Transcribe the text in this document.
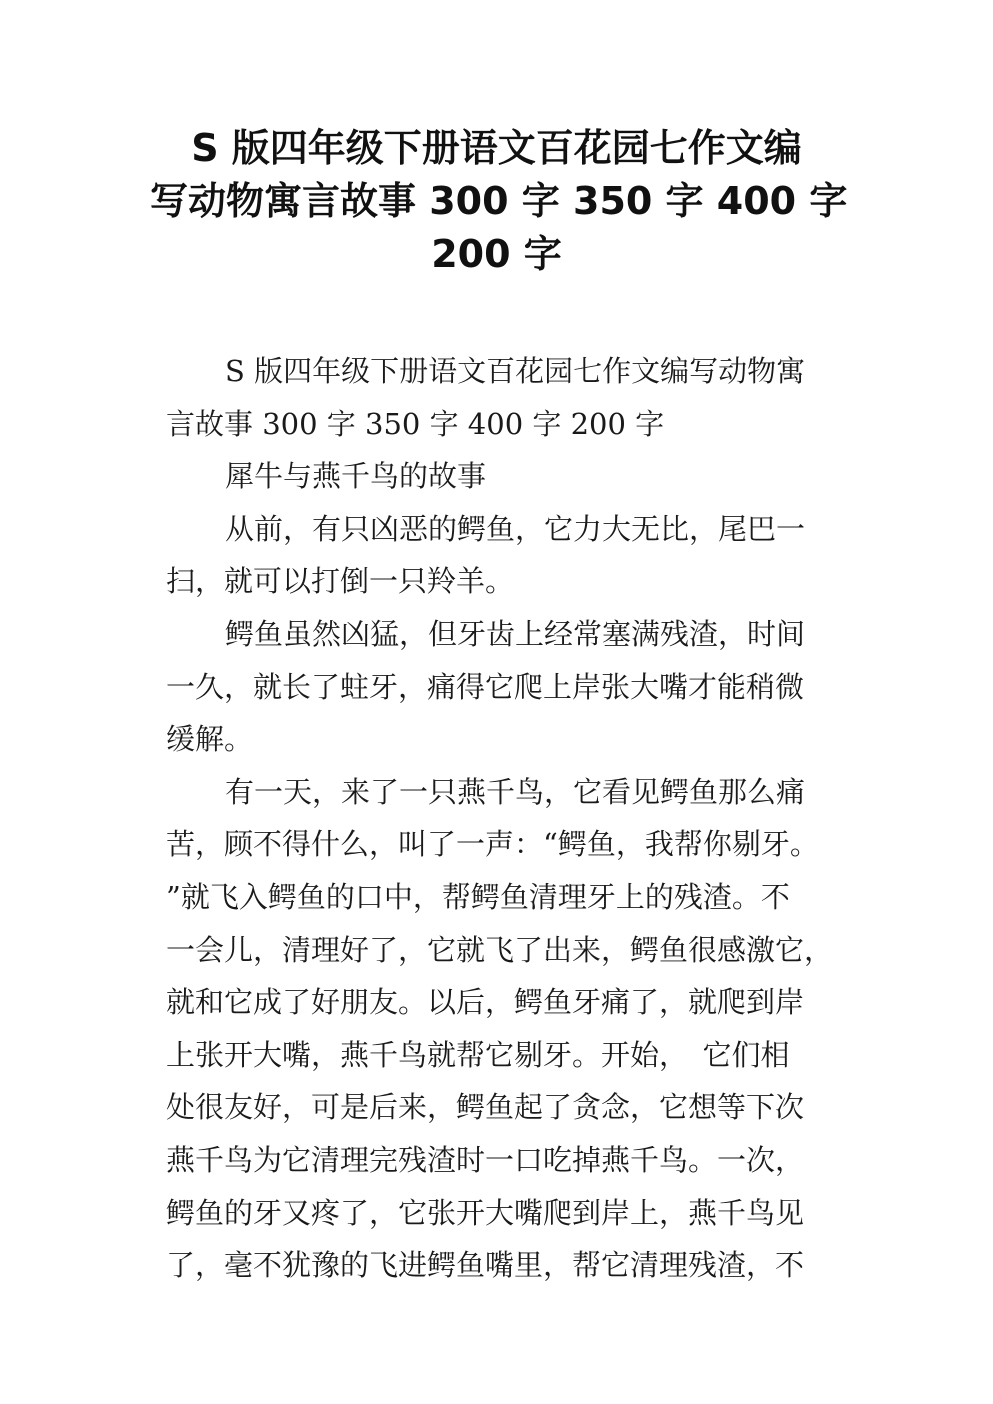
S 版四年级下册语文百花园七作文编
写动物寓言故事 300 字 350 字 400 字
200 字
S 版四年级下册语文百花园七作文编写动物寓
言故事 300 字 350 字 400 字 200 字
犀牛与燕千鸟的故事
从前，有只凶恶的鳄鱼，它力大无比，尾巴一
扫，就可以打倒一只羚羊。
鳄鱼虽然凶猛，但牙齿上经常塞满残渣，时间
一久，就长了蛀牙，痛得它爬上岸张大嘴才能稍微
缓解。
有一天，来了一只燕千鸟，它看见鳄鱼那么痛
苦，顾不得什么，叫了一声：“鳄鱼，我帮你剔牙。
”就飞入鳄鱼的口中，帮鳄鱼清理牙上的残渣。不
一会儿，清理好了，它就飞了出来，鳄鱼很感激它，
就和它成了好朋友。以后，鳄鱼牙痛了，就爬到岸
上张开大嘴，燕千鸟就帮它剔牙。开始，　它们相
处很友好，可是后来，鳄鱼起了贪念，它想等下次
燕千鸟为它清理完残渣时一口吃掉燕千鸟。一次，
鳄鱼的牙又疼了，它张开大嘴爬到岸上，燕千鸟见
了，毫不犹豫的飞进鳄鱼嘴里，帮它清理残渣，不
